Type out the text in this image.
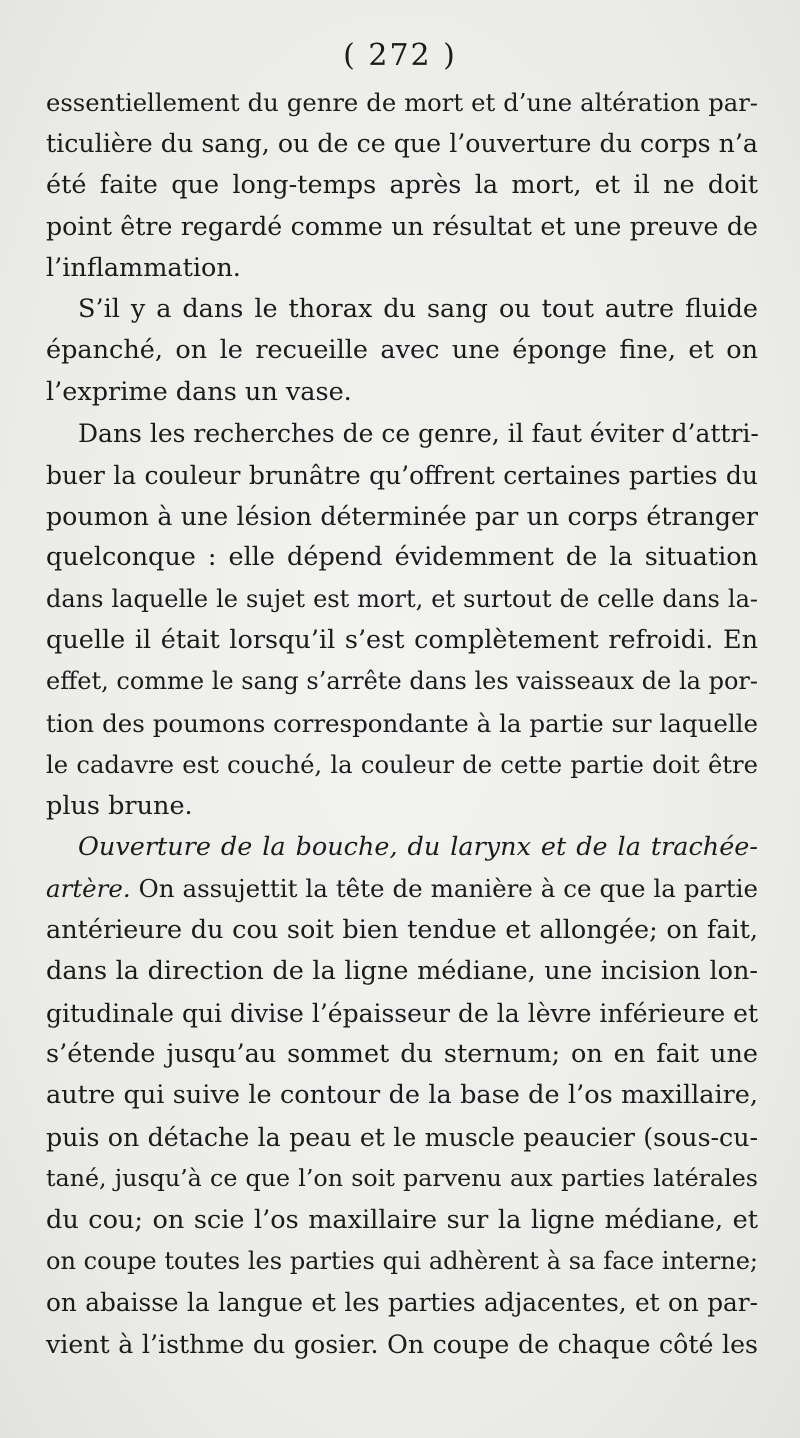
( 272 )
essentiellement du genre de mort et d’une altération par-
ticulière du sang, ou de ce que l’ouverture du corps n’a
été faite que long-temps après la mort, et il ne doit
point être regardé comme un résultat et une preuve de
l’inflammation.
S’il y a dans le thorax du sang ou tout autre fluide
épanché, on le recueille avec une éponge fine, et on
l’exprime dans un vase.
Dans les recherches de ce genre, il faut éviter d’attri-
buer la couleur brunâtre qu’offrent certaines parties du
poumon à une lésion déterminée par un corps étranger
quelconque : elle dépend évidemment de la situation
dans laquelle le sujet est mort, et surtout de celle dans la-
quelle il était lorsqu’il s’est complètement refroidi. En
effet, comme le sang s’arrête dans les vaisseaux de la por-
tion des poumons correspondante à la partie sur laquelle
le cadavre est couché, la couleur de cette partie doit être
plus brune.
Ouverture de la bouche, du larynx et de la trachée-
artère. On assujettit la tête de manière à ce que la partie
antérieure du cou soit bien tendue et allongée; on fait,
dans la direction de la ligne médiane, une incision lon-
gitudinale qui divise l’épaisseur de la lèvre inférieure et
s’étende jusqu’au sommet du sternum; on en fait une
autre qui suive le contour de la base de l’os maxillaire,
puis on détache la peau et le muscle peaucier (sous-cu-
tané, jusqu’à ce que l’on soit parvenu aux parties latérales
du cou; on scie l’os maxillaire sur la ligne médiane, et
on coupe toutes les parties qui adhèrent à sa face interne;
on abaisse la langue et les parties adjacentes, et on par-
vient à l’isthme du gosier. On coupe de chaque côté les
